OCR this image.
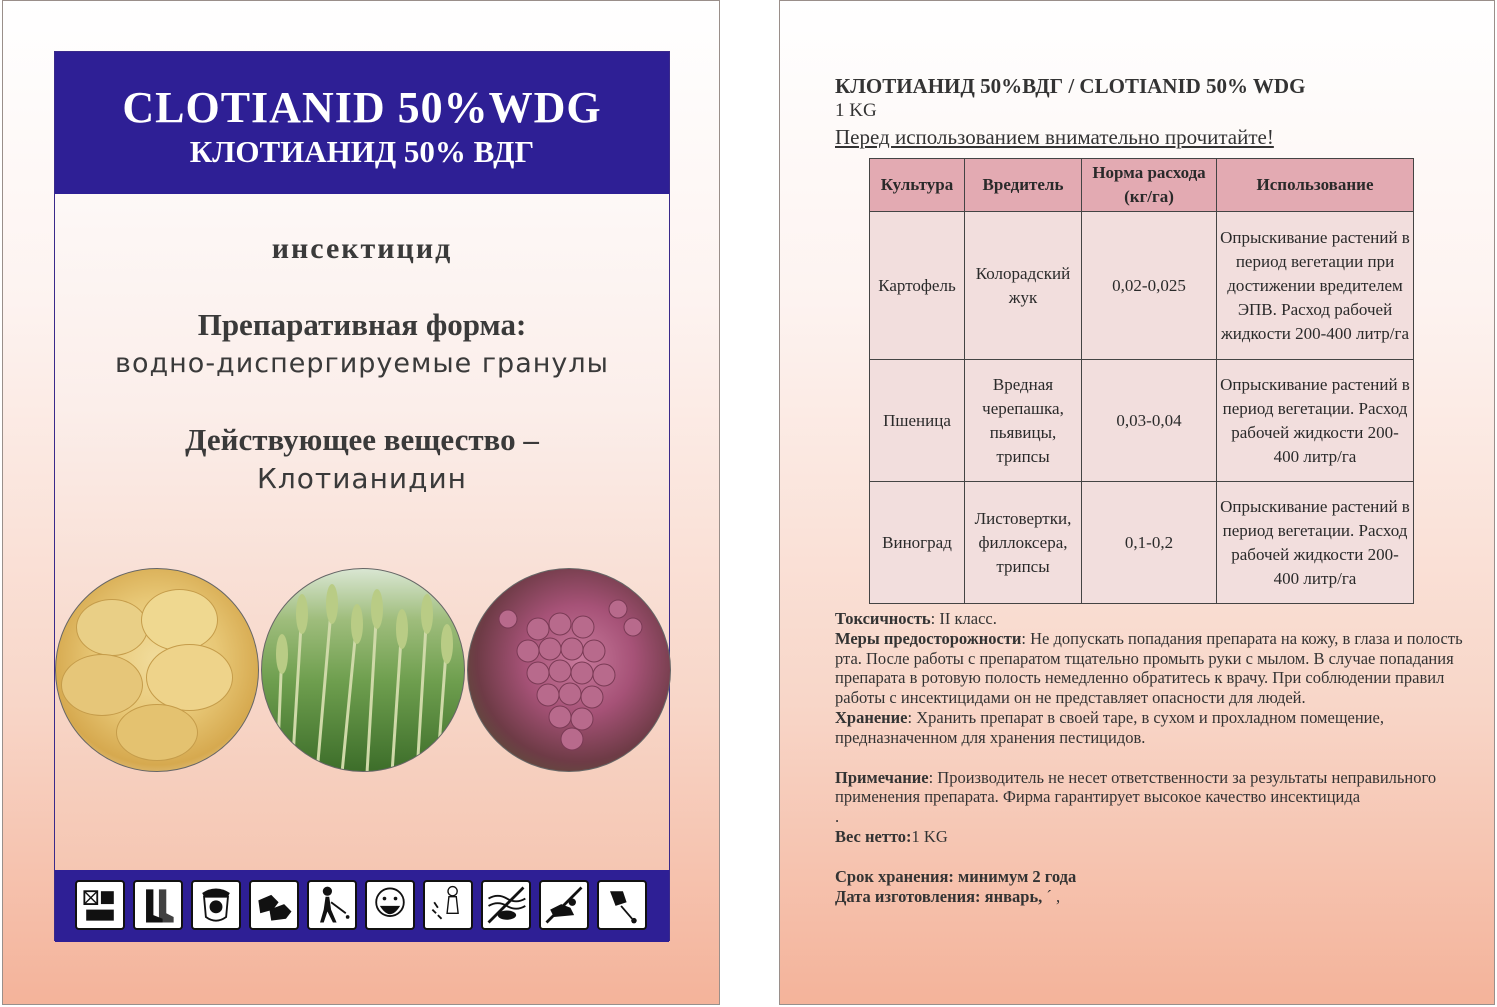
CLOTIANID 50%WDG
КЛОТИАНИД 50% ВДГ
инсектицид
Препаративная форма:
водно-диспергируемые гранулы
Действующее вещество –
Клотианидин
КЛОТИАНИД 50%ВДГ / CLOTIANID 50% WDG
1 KG
Перед использованием внимательно прочитайте!
Культура	Вредитель	Норма расхода (кг/га)	Использование
Картофель	Колорадский жук	0,02-0,025	Опрыскивание растений в период вегетации при достижении вредителем ЭПВ. Расход рабочей жидкости 200-400 литр/га
Пшеница	Вредная черепашка, пьявицы, трипсы	0,03-0,04	Опрыскивание растений в период вегетации. Расход рабочей жидкости 200-400 литр/га
Виноград	Листовертки, филлоксера, трипсы	0,1-0,2	Опрыскивание растений в период вегетации. Расход рабочей жидкости 200-400 литр/га

Токсичность: II класс.

Меры предосторожности: Не допускать попадания препарата на кожу, в глаза и полость рта. После работы с препаратом тщательно промыть руки с мылом. В случае попадания препарата в ротовую полость немедленно обратитесь к врачу. При соблюдении правил работы с инсектицидами он не представляет опасности для людей.

Хранение: Хранить препарат в своей таре, в сухом и прохладном помещение, предназначенном для хранения пестицидов.

Примечание: Производитель не несет ответственности за результаты неправильного применения препарата. Фирма гарантирует высокое качество инсектицида

.

Вес нетто:1 KG

Срок хранения: минимум 2 года

Дата изготовления: январь, ´ ,
